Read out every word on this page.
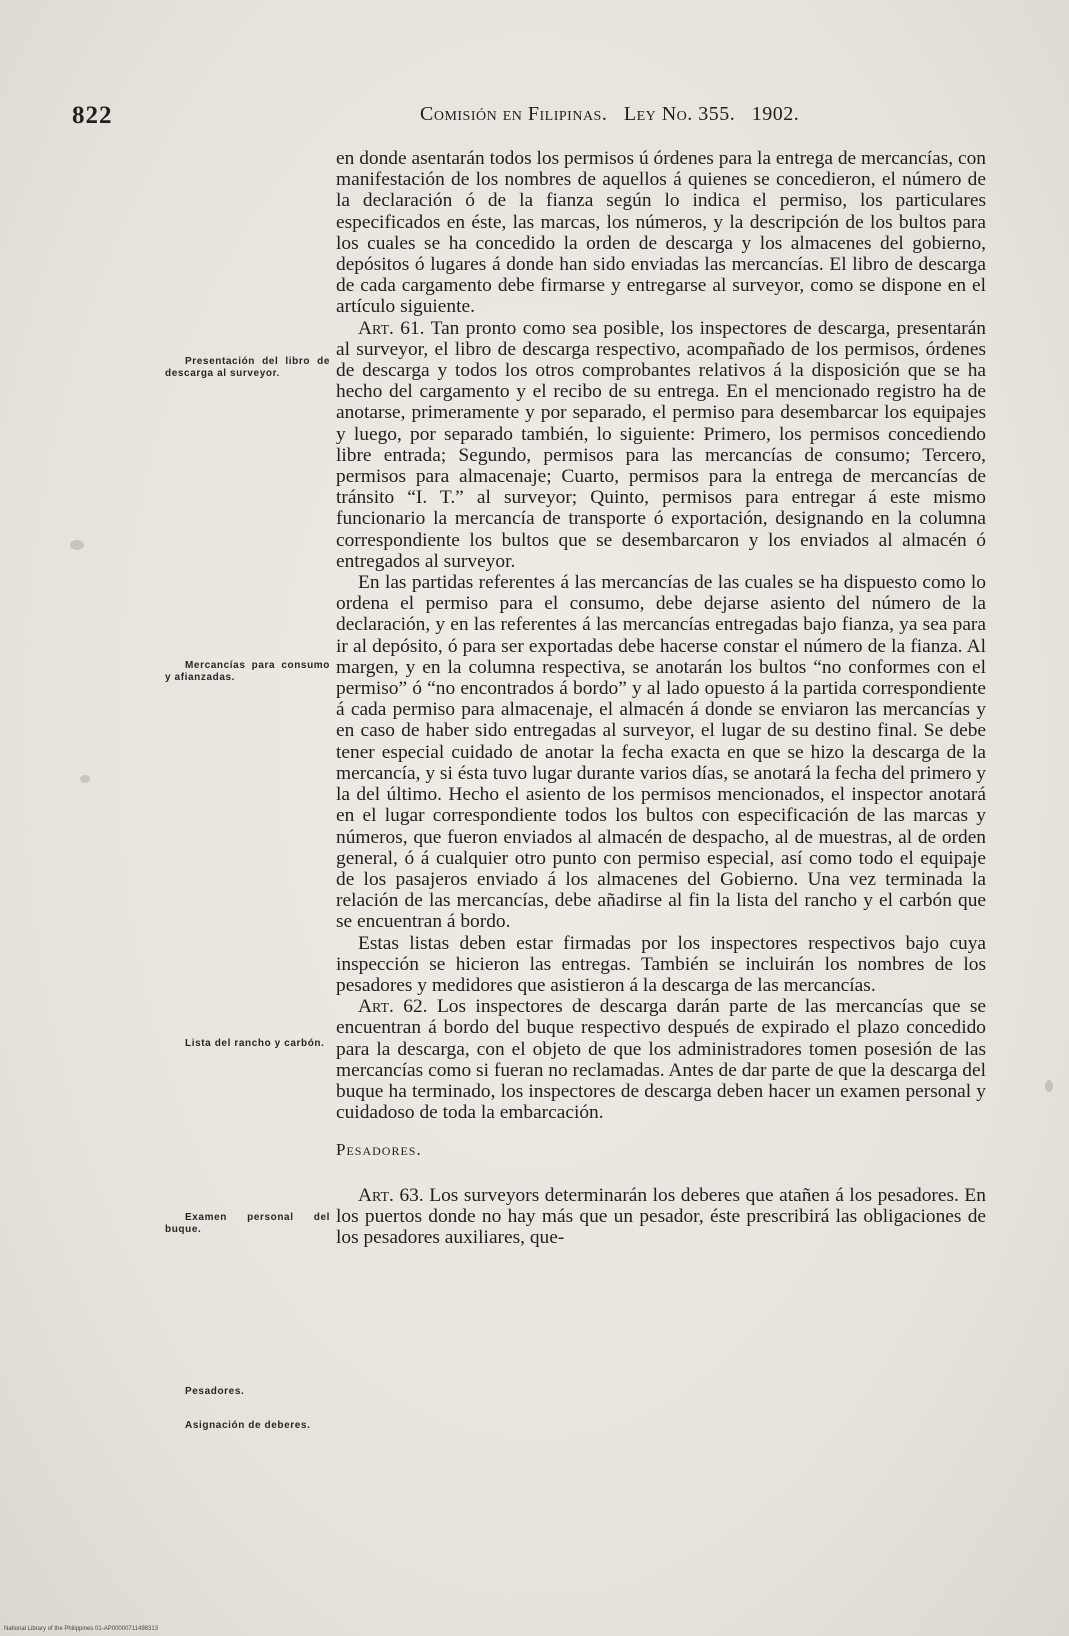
822	Comisión en Filipinas. Ley No. 355. 1902.
Presentación del libro de descarga al surveyor.
Mercancías para consumo y afianzadas.
Lista del rancho y carbón.
Examen personal del buque.
Pesadores.
Asignación de deberes.

en donde asentarán todos los permisos ú órdenes para la entrega de mercancías, con manifestación de los nombres de aquellos á quienes se concedieron, el número de la declaración ó de la fianza según lo indica el permiso, los particulares especificados en éste, las marcas, los números, y la descripción de los bultos para los cuales se ha concedido la orden de descarga y los almacenes del gobierno, depósitos ó lugares á donde han sido enviadas las mercancías. El libro de descarga de cada cargamento debe firmarse y entregarse al surveyor, como se dispone en el artículo siguiente.

Art. 61. Tan pronto como sea posible, los inspectores de descarga, presentarán al surveyor, el libro de descarga respectivo, acompañado de los permisos, órdenes de descarga y todos los otros comprobantes relativos á la disposición que se ha hecho del cargamento y el recibo de su entrega. En el mencionado registro ha de anotarse, primeramente y por separado, el permiso para desembarcar los equipajes y luego, por separado también, lo siguiente: Primero, los permisos concediendo libre entrada; Segundo, permisos para las mercancías de consumo; Tercero, permisos para almacenaje; Cuarto, permisos para la entrega de mercancías de tránsito “I. T.” al surveyor; Quinto, permisos para entregar á este mismo funcionario la mercancía de transporte ó exportación, designando en la columna correspondiente los bultos que se desembarcaron y los enviados al almacén ó entregados al surveyor.

En las partidas referentes á las mercancías de las cuales se ha dispuesto como lo ordena el permiso para el consumo, debe dejarse asiento del número de la declaración, y en las referentes á las mercancías entregadas bajo fianza, ya sea para ir al depósito, ó para ser exportadas debe hacerse constar el número de la fianza. Al margen, y en la columna respectiva, se anotarán los bultos “no conformes con el permiso” ó “no encontrados á bordo” y al lado opuesto á la partida correspondiente á cada permiso para almacenaje, el almacén á donde se enviaron las mercancías y en caso de haber sido entregadas al surveyor, el lugar de su destino final. Se debe tener especial cuidado de anotar la fecha exacta en que se hizo la descarga de la mercancía, y si ésta tuvo lugar durante varios días, se anotará la fecha del primero y la del último. Hecho el asiento de los permisos mencionados, el inspector anotará en el lugar correspondiente todos los bultos con especificación de las marcas y números, que fueron enviados al almacén de despacho, al de muestras, al de orden general, ó á cualquier otro punto con permiso especial, así como todo el equipaje de los pasajeros enviado á los almacenes del Gobierno. Una vez terminada la relación de las mercancías, debe añadirse al fin la lista del rancho y el carbón que se encuentran á bordo.

Estas listas deben estar firmadas por los inspectores respectivos bajo cuya inspección se hicieron las entregas. También se incluirán los nombres de los pesadores y medidores que asistieron á la descarga de las mercancías.

Art. 62. Los inspectores de descarga darán parte de las mercancías que se encuentran á bordo del buque respectivo después de expirado el plazo concedido para la descarga, con el objeto de que los administradores tomen posesión de las mercancías como si fueran no reclamadas. Antes de dar parte de que la descarga del buque ha terminado, los inspectores de descarga deben hacer un examen personal y cuidadoso de toda la embarcación.

Pesadores.

Art. 63. Los surveyors determinarán los deberes que atañen á los pesadores. En los puertos donde no hay más que un pesador, éste prescribirá las obligaciones de los pesadores auxiliares, que-

National Library of the Philippines 01-AP00000711498313
